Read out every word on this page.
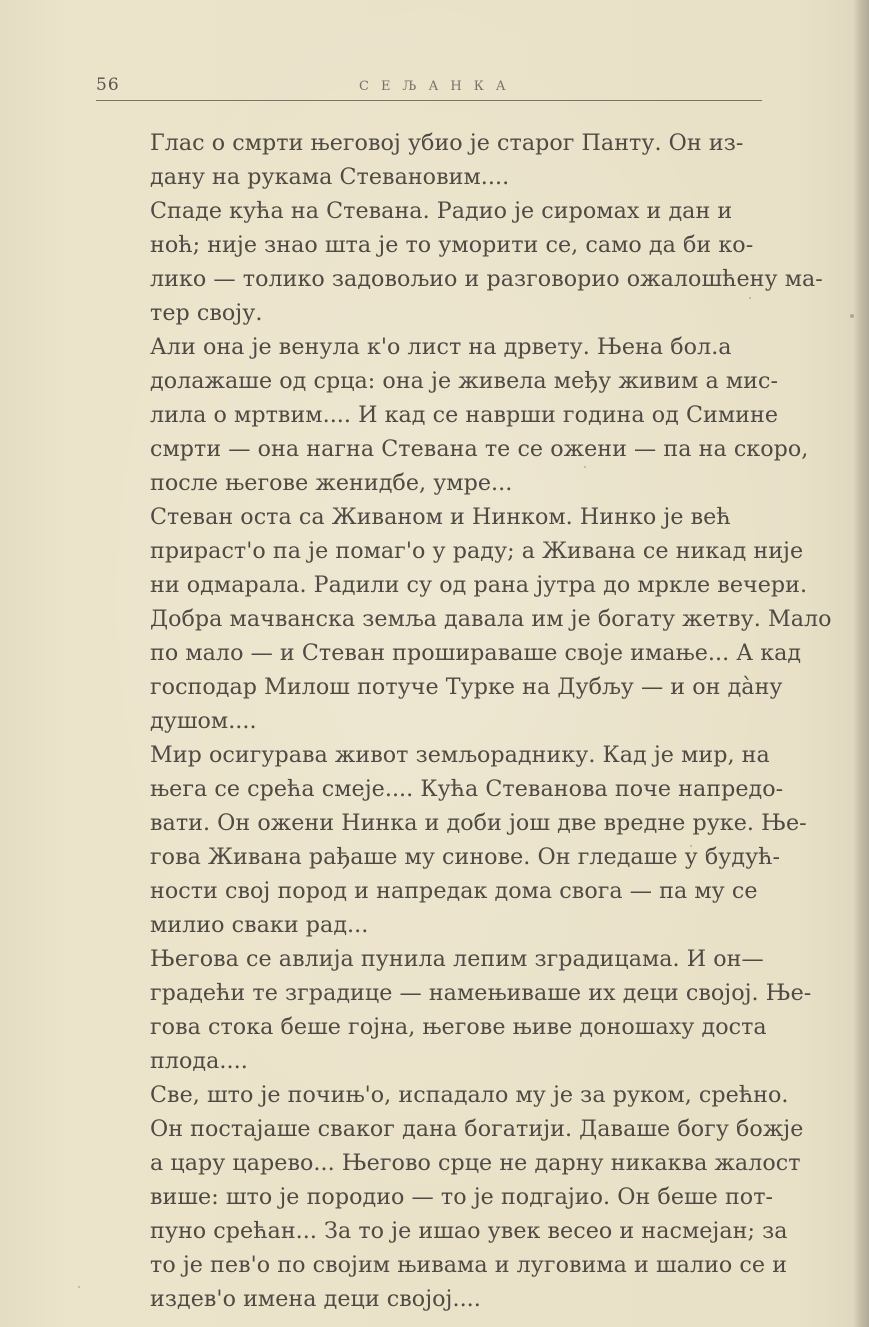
56	СЕЉАНКА

Глас о смрти његовој убио је старог Панту. Он из-
дану на рукама Стевановим....

Спаде кућа на Стевана. Радио је сиромах и дан и
ноћ; није знао шта је то уморити се, само да би ко-
лико — толико задовољио и разговорио ожалошћену ма-
тер своју.

Али она је венула к'о лист на дрвету. Њена бол.а
долажаше од срца: она је живела међу живим а мис-
лила о мртвим.... И кад се наврши година од Симине
смрти — она нагна Стевана те се ожени — па на скоро,
после његове женидбе, умре...

Стеван оста са Живаном и Нинком. Нинко је већ
прираст'о па је помаг'о у раду; а Живана се никад није
ни одмарала. Радили су од рана јутра до мркле вечери.
Добра мачванска земља давала им је богату жетву. Мало
по мало — и Стеван прошираваше своје имање... А кад
господар Милош потуче Турке на Дубљу — и он да̀ну
душом....

Мир осигурава живот земљораднику. Кад је мир, на
њега се срећа смеје.... Кућа Стеванова поче напредо-
вати. Он ожени Нинка и доби још две вредне руке. Ње-
гова Живана рађаше му синове. Он гледаше у будућ-
ности свој пород и напредак дома свога — па му се
милио сваки рад...

Његова се авлија пунила лепим зградицама. И он—
градећи те зградице — намењиваше их деци својој. Ње-
гова стока беше гојна, његове њиве доношаху доста
плода....

Све, што је почињ'о, испадало му је за руком, срећно.
Он постајаше сваког дана богатији. Даваше богу божје
а цару царево... Његово срце не дарну никаква жалост
више: што је породио — то је подгајио. Он беше пот-
пуно срећан... За то је ишао увек весео и насмејан; за
то је пев'о по својим њивама и луговима и шалио се и
издев'о имена деци својој....
